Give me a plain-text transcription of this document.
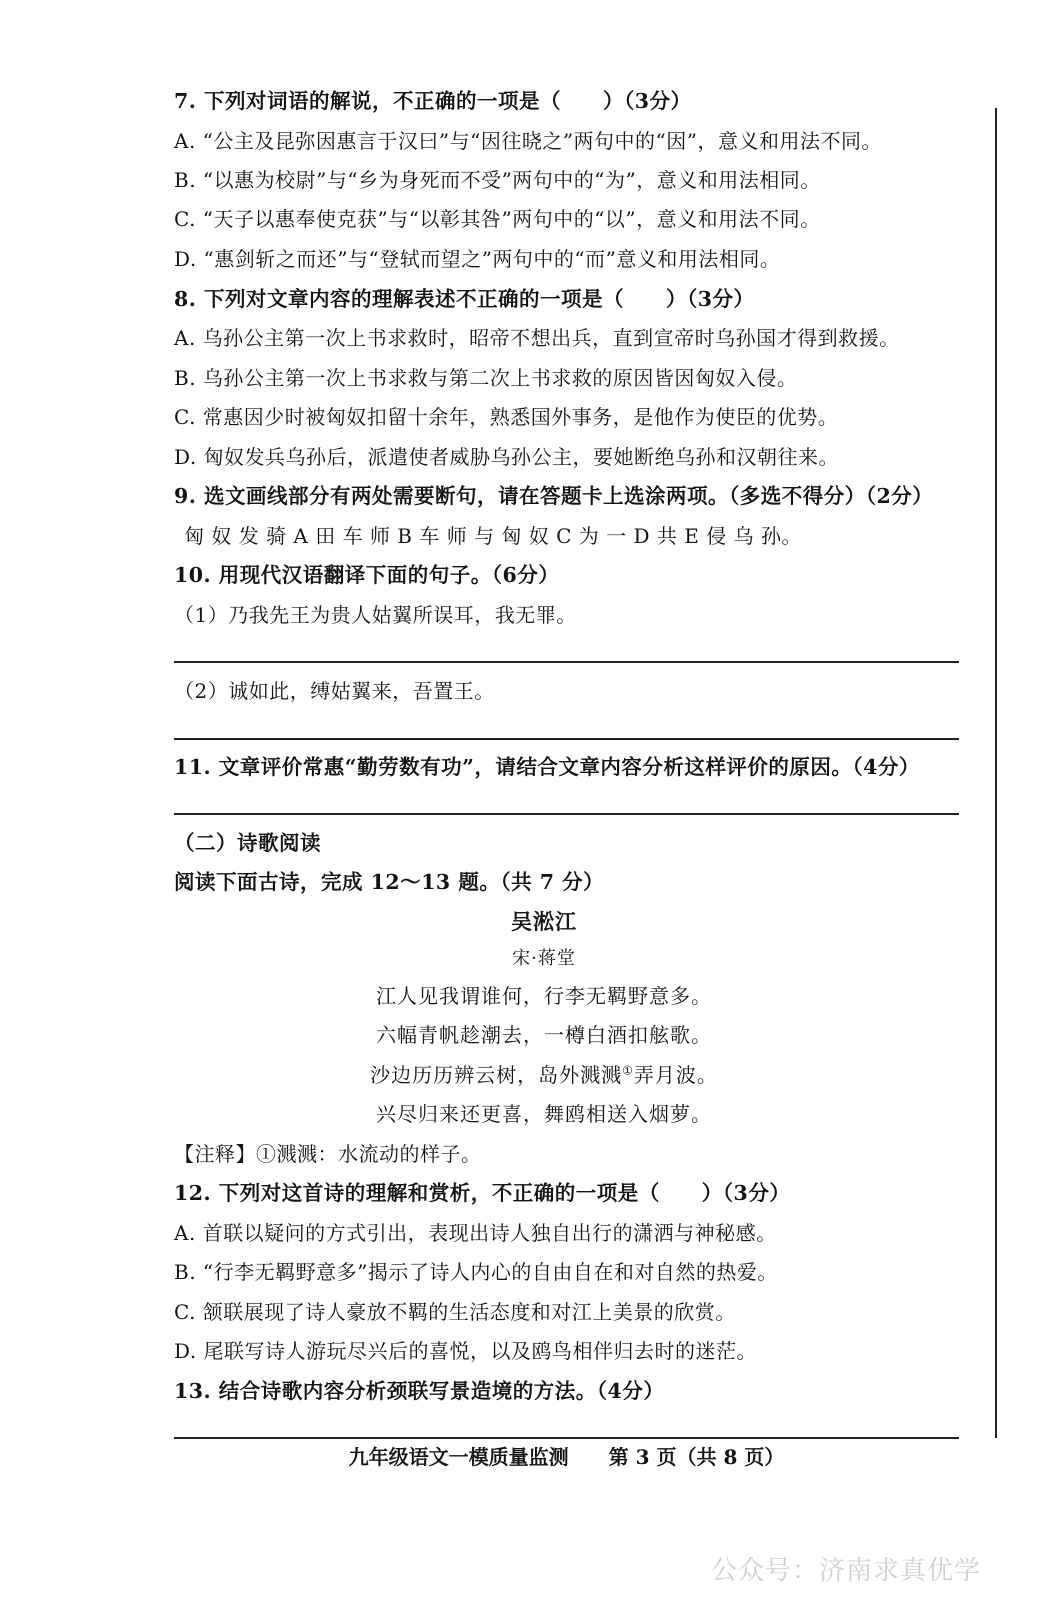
7. 下列对词语的解说，不正确的一项是（　　）（3分）
A. “公主及昆弥因惠言于汉曰”与“因往晓之”两句中的“因”，意义和用法不同。
B. “以惠为校尉”与“乡为身死而不受”两句中的“为”，意义和用法相同。
C. “天子以惠奉使克获”与“以彰其咎”两句中的“以”，意义和用法不同。
D. “惠剑斩之而还”与“登轼而望之”两句中的“而”意义和用法相同。
8. 下列对文章内容的理解表述不正确的一项是（　　）（3分）
A. 乌孙公主第一次上书求救时，昭帝不想出兵，直到宣帝时乌孙国才得到救援。
B. 乌孙公主第一次上书求救与第二次上书求救的原因皆因匈奴入侵。
C. 常惠因少时被匈奴扣留十余年，熟悉国外事务，是他作为使臣的优势。
D. 匈奴发兵乌孙后，派遣使者威胁乌孙公主，要她断绝乌孙和汉朝往来。
9. 选文画线部分有两处需要断句，请在答题卡上选涂两项。（多选不得分）（2分）
匈 奴 发 骑 A 田 车 师 B 车 师 与 匈 奴 C 为 一 D 共 E 侵 乌 孙。
10. 用现代汉语翻译下面的句子。（6分）
（1）乃我先王为贵人姑翼所误耳，我无罪。
（2）诚如此，缚姑翼来，吾置王。
11. 文章评价常惠“勤劳数有功”，请结合文章内容分析这样评价的原因。（4分）
（二）诗歌阅读
阅读下面古诗，完成 12～13 题。（共 7 分）
吴淞江
宋·蒋堂
江人见我谓谁何，行李无羁野意多。
六幅青帆趁潮去，一樽白酒扣舷歌。
沙边历历辨云树，岛外溅溅①弄月波。
兴尽归来还更喜，舞鸥相送入烟萝。
【注释】①溅溅：水流动的样子。
12. 下列对这首诗的理解和赏析，不正确的一项是（　　）（3分）
A. 首联以疑问的方式引出，表现出诗人独自出行的潇洒与神秘感。
B. “行李无羁野意多”揭示了诗人内心的自由自在和对自然的热爱。
C. 颔联展现了诗人豪放不羁的生活态度和对江上美景的欣赏。
D. 尾联写诗人游玩尽兴后的喜悦，以及鸥鸟相伴归去时的迷茫。
13. 结合诗歌内容分析颈联写景造境的方法。（4分）
九年级语文一模质量监测 第 3 页（共 8 页）
公众号：济南求真优学
